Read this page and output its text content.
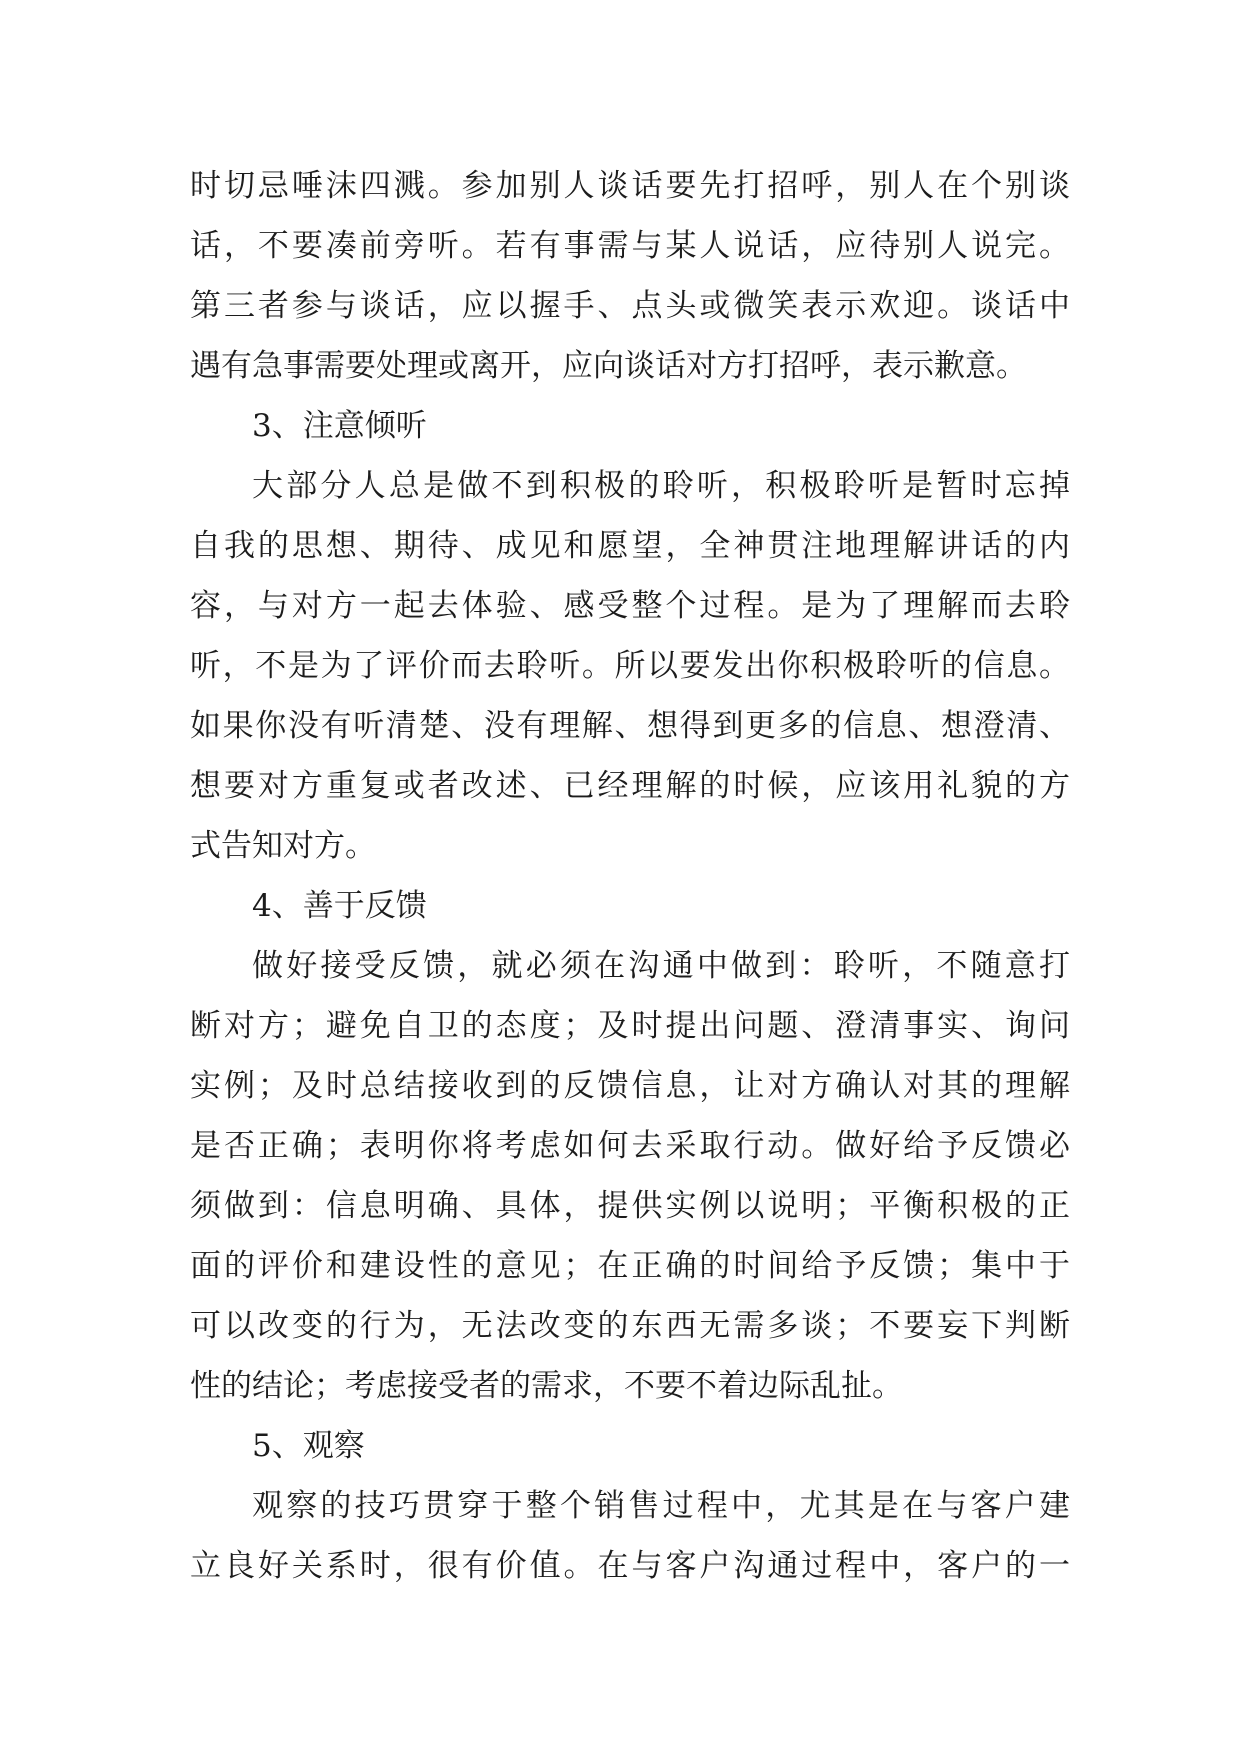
时切忌唾沫四溅。参加别人谈话要先打招呼，别人在个别谈
话，不要凑前旁听。若有事需与某人说话，应待别人说完。
第三者参与谈话，应以握手、点头或微笑表示欢迎。谈话中
遇有急事需要处理或离开，应向谈话对方打招呼，表示歉意。
3、注意倾听
大部分人总是做不到积极的聆听，积极聆听是暂时忘掉
自我的思想、期待、成见和愿望，全神贯注地理解讲话的内
容，与对方一起去体验、感受整个过程。是为了理解而去聆
听，不是为了评价而去聆听。所以要发出你积极聆听的信息。
如果你没有听清楚、没有理解、想得到更多的信息、想澄清、
想要对方重复或者改述、已经理解的时候，应该用礼貌的方
式告知对方。
4、善于反馈
做好接受反馈，就必须在沟通中做到：聆听，不随意打
断对方；避免自卫的态度；及时提出问题、澄清事实、询问
实例；及时总结接收到的反馈信息，让对方确认对其的理解
是否正确；表明你将考虑如何去采取行动。做好给予反馈必
须做到：信息明确、具体，提供实例以说明；平衡积极的正
面的评价和建设性的意见；在正确的时间给予反馈；集中于
可以改变的行为，无法改变的东西无需多谈；不要妄下判断
性的结论；考虑接受者的需求，不要不着边际乱扯。
5、观察
观察的技巧贯穿于整个销售过程中，尤其是在与客户建
立良好关系时，很有价值。在与客户沟通过程中，客户的一
